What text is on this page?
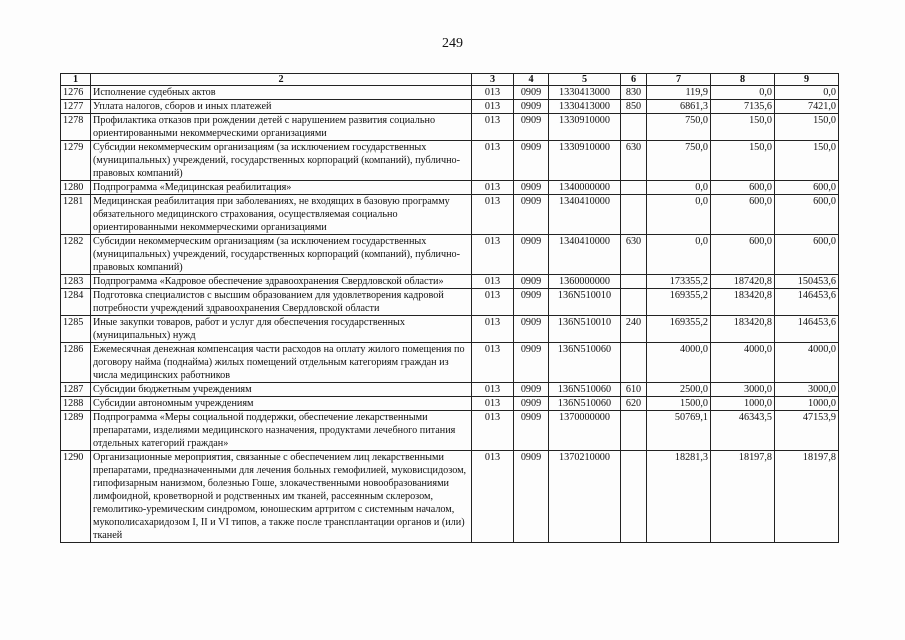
249
1	2	3	4	5	6	7	8	9
1276	Исполнение судебных актов	013	0909	1330413000	830	119,9	0,0	0,0
1277	Уплата налогов, сборов и иных платежей	013	0909	1330413000	850	6861,3	7135,6	7421,0
1278	Профилактика отказов при рождении детей с нарушением развития социально ориентированными некоммерческими организациями	013	0909	1330910000		750,0	150,0	150,0
1279	Субсидии некоммерческим организациям (за исключением государственных (муниципальных) учреждений, государственных корпораций (компаний), публично-правовых компаний)	013	0909	1330910000	630	750,0	150,0	150,0
1280	Подпрограмма «Медицинская реабилитация»	013	0909	1340000000		0,0	600,0	600,0
1281	Медицинская реабилитация при заболеваниях, не входящих в базовую программу обязательного медицинского страхования, осуществляемая социально ориентированными некоммерческими организациями	013	0909	1340410000		0,0	600,0	600,0
1282	Субсидии некоммерческим организациям (за исключением государственных (муниципальных) учреждений, государственных корпораций (компаний), публично-правовых компаний)	013	0909	1340410000	630	0,0	600,0	600,0
1283	Подпрограмма «Кадровое обеспечение здравоохранения Свердловской области»	013	0909	1360000000		173355,2	187420,8	150453,6
1284	Подготовка специалистов с высшим образованием для удовлетворения кадровой потребности учреждений здравоохранения Свердловской области	013	0909	136N510010		169355,2	183420,8	146453,6
1285	Иные закупки товаров, работ и услуг для обеспечения государственных (муниципальных) нужд	013	0909	136N510010	240	169355,2	183420,8	146453,6
1286	Ежемесячная денежная компенсация части расходов на оплату жилого помещения по договору найма (поднайма) жилых помещений отдельным категориям граждан из числа медицинских работников	013	0909	136N510060		4000,0	4000,0	4000,0
1287	Субсидии бюджетным учреждениям	013	0909	136N510060	610	2500,0	3000,0	3000,0
1288	Субсидии автономным учреждениям	013	0909	136N510060	620	1500,0	1000,0	1000,0
1289	Подпрограмма «Меры социальной поддержки, обеспечение лекарственными препаратами, изделиями медицинского назначения, продуктами лечебного питания отдельных категорий граждан»	013	0909	1370000000		50769,1	46343,5	47153,9
1290	Организационные мероприятия, связанные с обеспечением лиц лекарственными препаратами, предназначенными для лечения больных гемофилией, муковисцидозом, гипофизарным нанизмом, болезнью Гоше, злокачественными новообразованиями лимфоидной, кроветворной и родственных им тканей, рассеянным склерозом, гемолитико-уремическим синдромом, юношеским артритом с системным началом, мукополисахаридозом I, II и VI типов, а также после трансплантации органов и (или) тканей	013	0909	1370210000		18281,3	18197,8	18197,8
